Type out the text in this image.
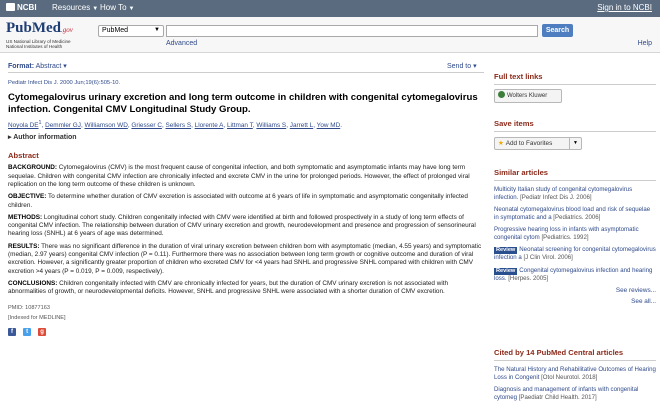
NCBI Resources ▼ How To ▼	Sign in to NCBI
PubMed.gov
US National Library of Medicine
National Institutes of Health
PubMed	▼	Search
Advanced	Help
Format: Abstract ▾	Send to ▾
Pediatr Infect Dis J. 2000 Jun;19(6):505-10.
Cytomegalovirus urinary excretion and long term outcome in children with congenital cytomegalovirus infection. Congenital CMV Longitudinal Study Group.
Noyola $DE^1$, Demmler GJ, Williamson WD, Griesser C, Sellers S, Llorente A, Littman T, Williams S, Jarrett L, Yow MD.
▸ Author information
Abstract
BACKGROUND: Cytomegalovirus (CMV) is the most frequent cause of congenital infection, and both symptomatic and asymptomatic infants may have long term sequelae. Children with congenital CMV infection are chronically infected and excrete CMV in the urine for prolonged periods. However, the effect of prolonged viral replication on the long term outcome of these children is unknown.
OBJECTIVE: To determine whether duration of CMV excretion is associated with outcome at 6 years of life in symptomatic and asymptomatic congenitally infected children.
METHODS: Longitudinal cohort study. Children congenitally infected with CMV were identified at birth and followed prospectively in a study of long term effects of congenital CMV infection. The relationship between duration of CMV urinary excretion and growth, neurodevelopment and presence and progression of sensorineural hearing loss (SNHL) at 6 years of age was determined.
RESULTS: There was no significant difference in the duration of viral urinary excretion between children born with asymptomatic (median, 4.55 years) and symptomatic (median, 2.97 years) congenital CMV infection (P = 0.11). Furthermore there was no association between long term growth or cognitive outcome and duration of viral excretion. However, a significantly greater proportion of children who excreted CMV for <4 years had SNHL and progressive SNHL compared with children with CMV excretion >4 years (P = 0.019, P = 0.009, respectively).
CONCLUSIONS: Children congenitally infected with CMV are chronically infected for years, but the duration of CMV urinary excretion is not associated with abnormalities of growth, or neurodevelopmental deficits. However, SNHL and progressive SNHL were associated with a shorter duration of CMV excretion.
PMID: 10877163
[Indexed for MEDLINE]
f t g
Full text links
Wolters Kluwer
Save items
★ Add to Favorites	▼
Similar articles
Multicity Italian study of congenital cytomegalovirus infection. [Pediatr Infect Dis J. 2006]
Neonatal cytomegalovirus blood load and risk of sequelae in symptomatic and a [Pediatrics. 2006]
Progressive hearing loss in infants with asymptomatic congenital cytom [Pediatrics. 1992]
Review Neonatal screening for congenital cytomegalovirus infection a [J Clin Virol. 2006]
Review Congenital cytomegalovirus infection and hearing loss. [Herpes. 2005]
See reviews...
See all...
Cited by 14 PubMed Central articles
The Natural History and Rehabilitative Outcomes of Hearing Loss in Congenit [Otol Neurotol. 2018]
Diagnosis and management of infants with congenital cytomeg [Paediatr Child Health. 2017]
